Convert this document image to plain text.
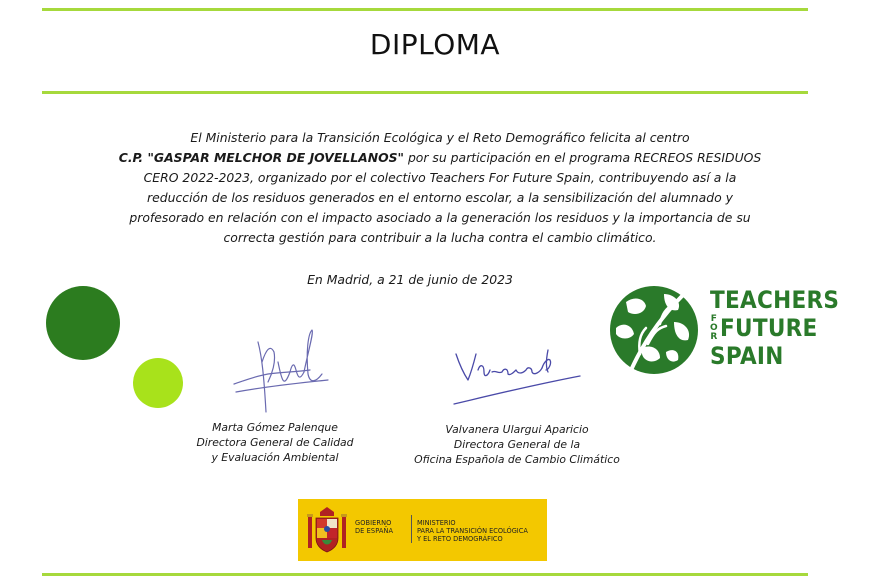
DIPLOMA
El Ministerio para la Transición Ecológica y el Reto Demográfico felicita al centro
C.P. "GASPAR MELCHOR DE JOVELLANOS" por su participación en el programa RECREOS RESIDUOS
CERO 2022-2023, organizado por el colectivo Teachers For Future Spain, contribuyendo así a la
reducción de los residuos generados en el entorno escolar, a la sensibilización del alumnado y
profesorado en relación con el impacto asociado a la generación los residuos y la importancia de su
correcta gestión para contribuir a la lucha contra el cambio climático.
En Madrid, a 21 de junio de 2023
Marta Gómez Palenque
Directora General de Calidad
y Evaluación Ambiental
Valvanera Ulargui Aparicio
Directora General de la
Oficina Española de Cambio Climático
TEACHERS
FOR FUTURE
SPAIN
GOBIERNO
DE ESPAÑA
MINISTERIO
PARA LA TRANSICIÓN ECOLÓGICA
Y EL RETO DEMOGRÁFICO
